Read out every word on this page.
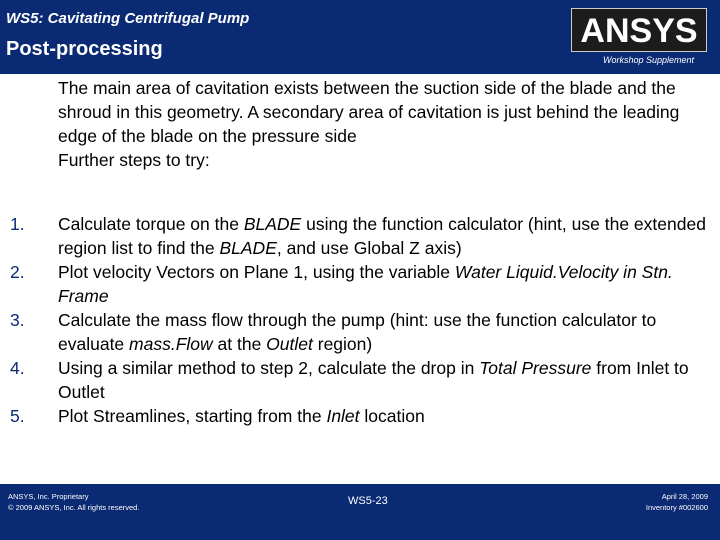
WS5: Cavitating Centrifugal Pump
Post-processing	ANSYS
Workshop Supplement

The main area of cavitation exists between the suction side of the blade and the shroud in this geometry. A secondary area of cavitation is just behind the leading edge of the blade on the pressure side

Further steps to try:

1.	Calculate torque on the BLADE using the function calculator (hint, use the extended region list to find the BLADE, and use Global Z axis)
2.	Plot velocity Vectors on Plane 1, using the variable Water Liquid.Velocity in Stn. Frame
3.	Calculate the mass flow through the pump (hint: use the function calculator to evaluate mass.Flow at the Outlet region)
4.	Using a similar method to step 2, calculate the drop in Total Pressure from Inlet to Outlet
5.	Plot Streamlines, starting from the Inlet location
ANSYS, Inc. Proprietary
© 2009 ANSYS, Inc. All rights reserved.
WS5-23	April 28, 2009
Inventory #002600
